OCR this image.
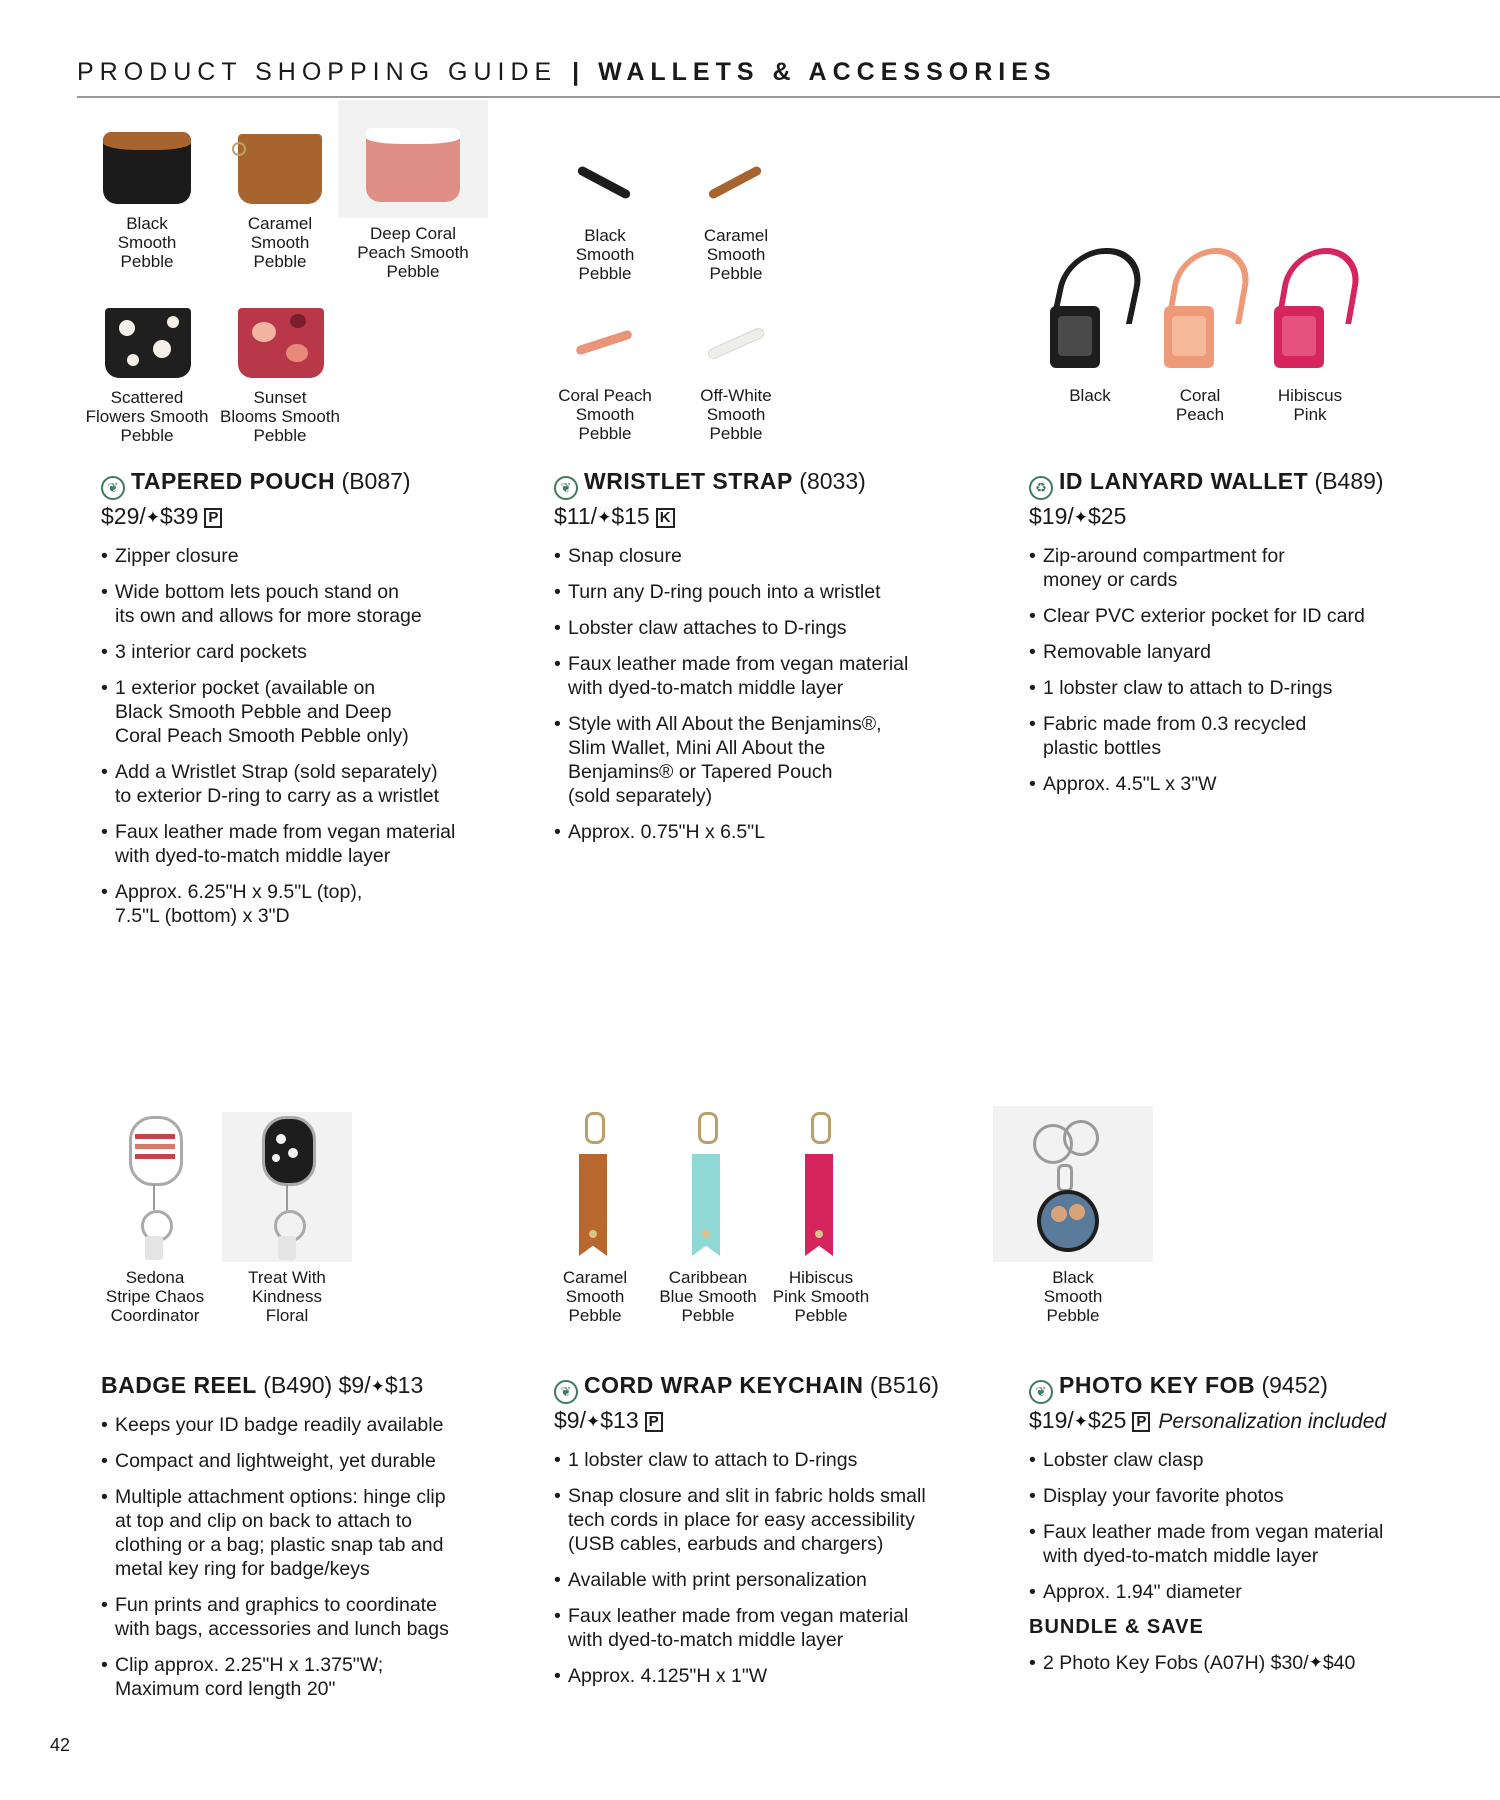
PRODUCT SHOPPING GUIDE | WALLETS & ACCESSORIES
Black
Smooth
Pebble
Caramel
Smooth
Pebble
Deep Coral
Peach Smooth
Pebble
Scattered
Flowers Smooth
Pebble
Sunset
Blooms Smooth
Pebble
❦ TAPERED POUCH (B087)
$29/✦$39 P
• Zipper closure
• Wide bottom lets pouch stand on
its own and allows for more storage
• 3 interior card pockets
• 1 exterior pocket (available on
Black Smooth Pebble and Deep
Coral Peach Smooth Pebble only)
• Add a Wristlet Strap (sold separately)
to exterior D-ring to carry as a wristlet
• Faux leather made from vegan material
with dyed-to-match middle layer
• Approx. 6.25"H x 9.5"L (top),
7.5"L (bottom) x 3"D
Black
Smooth
Pebble
Caramel
Smooth
Pebble
Coral Peach
Smooth
Pebble
Off-White
Smooth
Pebble
❦ WRISTLET STRAP (8033)
$11/✦$15 K
• Snap closure
• Turn any D-ring pouch into a wristlet
• Lobster claw attaches to D-rings
• Faux leather made from vegan material
with dyed-to-match middle layer
• Style with All About the Benjamins®,
Slim Wallet, Mini All About the
Benjamins® or Tapered Pouch
(sold separately)
• Approx. 0.75"H x 6.5"L
Black	Coral
Peach
Hibiscus
Pink
♻ ID LANYARD WALLET (B489)
$19/✦$25
• Zip-around compartment for
money or cards
• Clear PVC exterior pocket for ID card
• Removable lanyard
• 1 lobster claw to attach to D-rings
• Fabric made from 0.3 recycled
plastic bottles
• Approx. 4.5"L x 3"W
Sedona
Stripe Chaos
Coordinator
Treat With
Kindness
Floral
BADGE REEL (B490) $9/✦$13
• Keeps your ID badge readily available
• Compact and lightweight, yet durable
• Multiple attachment options: hinge clip
at top and clip on back to attach to
clothing or a bag; plastic snap tab and
metal key ring for badge/keys
• Fun prints and graphics to coordinate
with bags, accessories and lunch bags
• Clip approx. 2.25"H x 1.375"W;
Maximum cord length 20"
Caramel
Smooth
Pebble
Caribbean
Blue Smooth
Pebble
Hibiscus
Pink Smooth
Pebble
❦ CORD WRAP KEYCHAIN (B516)
$9/✦$13 P
• 1 lobster claw to attach to D-rings
• Snap closure and slit in fabric holds small
tech cords in place for easy accessibility
(USB cables, earbuds and chargers)
• Available with print personalization
• Faux leather made from vegan material
with dyed-to-match middle layer
• Approx. 4.125"H x 1"W
Black
Smooth
Pebble
❦ PHOTO KEY FOB (9452)
$19/✦$25 P Personalization included
• Lobster claw clasp
• Display your favorite photos
• Faux leather made from vegan material
with dyed-to-match middle layer
• Approx. 1.94" diameter
BUNDLE & SAVE
• 2 Photo Key Fobs (A07H) $30/✦$40
42
